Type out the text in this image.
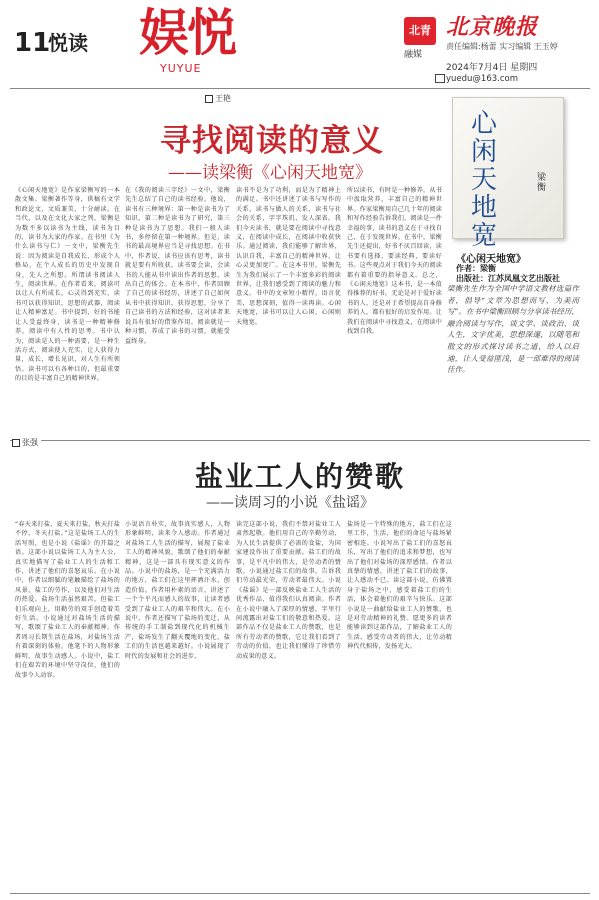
11
悦读 娱悦
YUYUE
北青
融媒
北京晚报
责任编辑:杨蕾 实习编辑 王玉婷
2024年7月4日 星期四
yuedu@163.com
王艳
寻找阅读的意义
——读梁衡《心闲天地宽》
《心闲天地宽》是作家梁衡写的一本散文集。梁衡著作等身，供稿有文学和政论文，文质兼美，十分耐读。在当代，以及在文化大家之列，梁衡是为数不多以读书为主线，读书为目的，读书为大家的作家。在书里《为什么读书与仁》一文中，梁衡先生说：因为阅读是自我成长、形成个人格局，在个人成长的历史中发现自身，先人之所想。所谓读书阅读人生，阅读世界。在作者看来，阅读可以让人有所成长，心灵得到充实，读书可以获得知识，思想的武器，阅读让人精神富足。书中提到，好的书能让人受益终身，读书是一种精神修养，阅读中有人性的思考。书中认为，阅读是人的一种需要，是一种生活方式，阅读使人充实，让人获得力量，成长，增长见识，对人生有所领悟。读书可以有各种目的，但最重要的目的是丰富自己的精神世界。
在《我的阅读三字经》一文中，梁衡先生总结了自己的读书经验。他说，读书有三种境界：第一种是读书为了知识，第二种是读书为了研究，第三种是读书为了思想。我们一般人读书，多停留在第一种境界。但是，读书的最高境界应当是寻找思想。在书中，作者说，读书应该有思考，读书就是要有所收获，读书要会读，会读书的人能从书中读出作者的思想，读出自己的体会。在本书中，作者回顾了自己的读书经历，讲述了自己如何从书中获得知识、获得思想，分享了自己读书的方法和经验，这对读者来说具有很好的借鉴作用。阅读就是一种习惯，养成了读书的习惯，就能受益终身。
读书不是为了功利，而是为了精神上的满足。书中还讲述了读书与写作的关系，读书与做人的关系，读书与社会的关系，字字珠玑，发人深省。我们今天读书，就是要在阅读中寻找意义，在阅读中成长，在阅读中收获快乐。通过阅读，我们能够了解世界，认识自我，丰富自己的精神世界，让心灵更加宽广。在这本书里，梁衡先生为我们展示了一个丰富多彩的阅读世界，让我们感受到了阅读的魅力和意义。书中的文章短小精悍，语言优美，思想深刻，值得一读再读。心闲天地宽，读书可以让人心闲，心闲则天地宽。
所以读书，有时是一种修养，从书中汲取营养，丰富自己的精神世界。作家梁衡用自己几十年的阅读和写作经验告诉我们，阅读是一件幸福的事，读书的意义在于寻找自己，在于发现世界。在书中，梁衡先生还提出，好书不厌百回读，读书要有选择，要读经典，要读好书。这些观点对于我们今天的阅读都有着重要的指导意义。总之，《心闲天地宽》这本书，是一本值得推荐的好书。无论是对于爱好读书的人，还是对于希望提高自身修养的人，都有很好的启发作用。让我们在阅读中寻找意义，在阅读中找到自我。
心闲天地宽
梁衡
《心闲天地宽》
作者：梁衡
出版社：江苏凤凰文艺出版社
梁衡先生作为全国中学语文教材选篇作者，倡导“文章为思想而写，为美而写”。在书中梁衡回顾与分享读书经历，融合阅读与写作，谈文学、谈政治、谈人生，文字优美，思想深邃，以随笔和散文的形式探讨读书之道，给人以启迪，让人受益匪浅，是一部难得的阅读佳作。
张强
盐业工人的赞歌
——读周习的小说《盐谣》
“春天来打盐，夏天来打盐，秋天打盐不停，冬天打盐。”这是盐场工人的生活写照，也是小说《盐谣》的开篇之语。这部小说以盐场工人为主人公，真实地描写了盐业工人的生活和工作，讲述了他们的喜怒哀乐。在小说中，作者以细腻的笔触描绘了盐场的风景，盐工的劳作，以及他们对生活的热爱。盐场生活虽然艰苦，但盐工们乐观向上，用勤劳的双手创造着美好生活。小说通过对盐场生活的描写，歌颂了盐业工人的奉献精神。作者周习长期生活在盐场，对盐场生活有着深刻的体验，他笔下的人物形象鲜明，故事生动感人。小说中，盐工们在艰苦的环境中坚守岗位，他们的故事令人动容。
小说语言朴实，故事真实感人，人物形象鲜明，读来令人感动。作者通过对盐场工人生活的描写，展现了盐业工人的精神风貌，歌颂了他们的奉献精神，这是一部具有现实意义的作品。小说中的盐场，是一个充满活力的地方，盐工们在这里挥洒汗水，创造价值。作者用朴素的语言，讲述了一个个平凡而感人的故事，让读者感受到了盐业工人的艰辛和伟大。在小说中，作者还描写了盐场的变迁，从传统的手工制盐到现代化的机械生产，盐场发生了翻天覆地的变化，盐工们的生活也越来越好。小说展现了时代的发展和社会的进步。
读完这部小说，我们不禁对盐业工人肃然起敬。他们用自己的辛勤劳动，为人民生活提供了必需的食盐，为国家建设作出了重要贡献。盐工们的故事，是平凡中的伟大，是劳动者的赞歌。小说通过盐工们的故事，告诉我们劳动最光荣，劳动者最伟大。小说《盐谣》是一部反映盐业工人生活的优秀作品，值得我们认真阅读。作者在小说中融入了深厚的情感，字里行间流露出对盐工们的敬意和热爱。这部作品不仅是盐业工人的赞歌，也是所有劳动者的赞歌，它让我们看到了劳动的价值，也让我们懂得了珍惜劳动成果的意义。
盐场是一个特殊的地方，盐工们在这里工作，生活，他们的命运与盐场紧密相连。小说写出了盐工们的喜怒哀乐，写出了他们的追求和梦想，也写出了他们对盐场的深厚感情。作者以真挚的情感，讲述了盐工们的故事，让人感动不已。读这部小说，仿佛置身于盐场之中，感受着盐工们的生活，体会着他们的艰辛与快乐。这部小说是一曲献给盐业工人的赞歌，也是对劳动精神的礼赞。愿更多的读者能够读到这部作品，了解盐业工人的生活，感受劳动者的伟大，让劳动精神代代相传，发扬光大。
